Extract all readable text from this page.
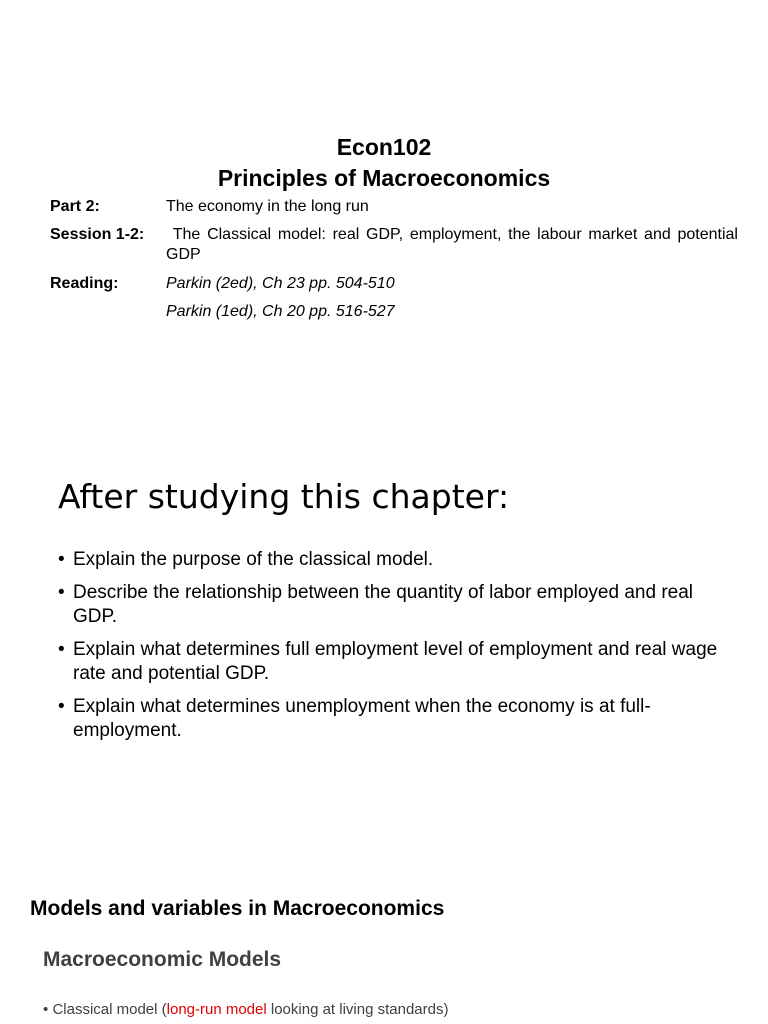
Econ102
Principles of Macroeconomics
Part 2:	The economy in the long run
Session 1-2:	The Classical model: real GDP, employment, the labour market and potential GDP
Reading:	Parkin (2ed), Ch 23 pp. 504-510
Parkin (1ed), Ch 20 pp. 516-527
After studying this chapter:
• Explain the purpose of the classical model.
• Describe the relationship between the quantity of labor employed and real GDP.
• Explain what determines full employment level of employment and real wage rate and potential GDP.
• Explain what determines unemployment when the economy is at full-employment.
Models and variables in Macroeconomics
Macroeconomic Models
• Classical model (long-run model looking at living standards)
